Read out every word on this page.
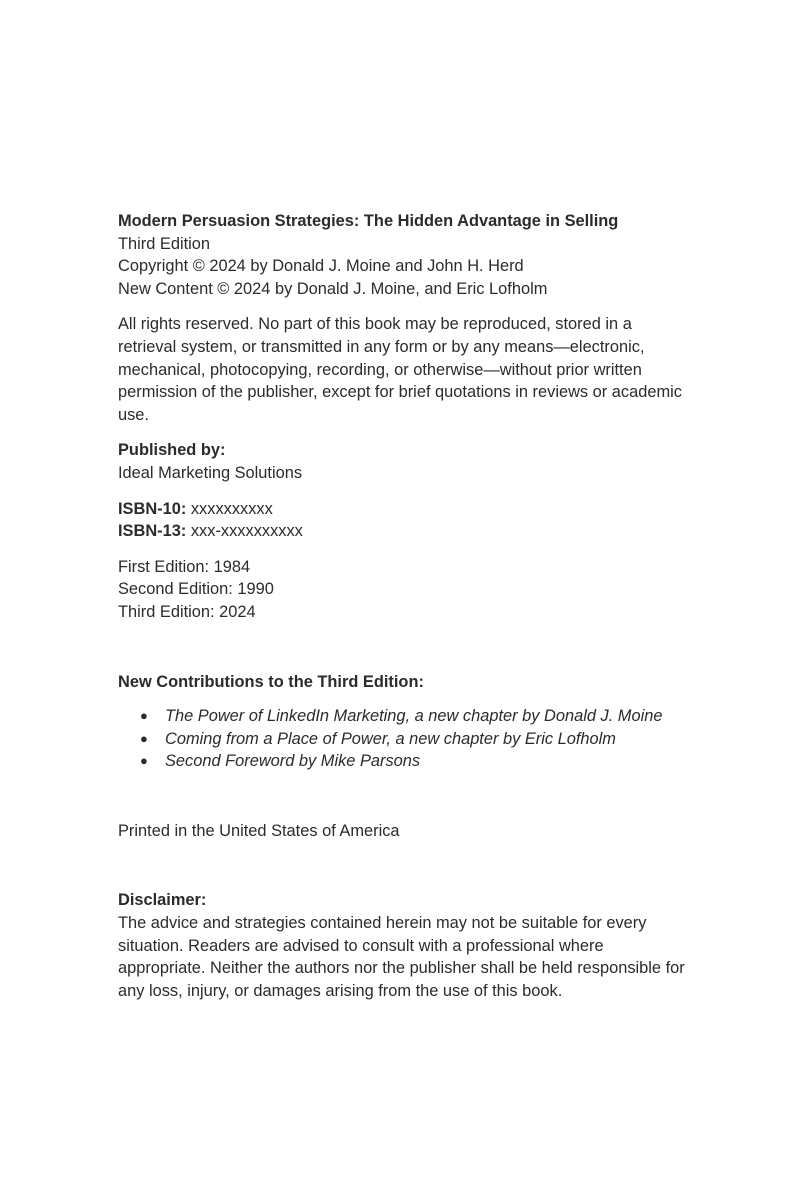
Modern Persuasion Strategies: The Hidden Advantage in Selling
Third Edition
Copyright © 2024 by Donald J. Moine and John H. Herd
New Content © 2024 by Donald J. Moine, and Eric Lofholm

All rights reserved. No part of this book may be reproduced, stored in a retrieval system, or transmitted in any form or by any means—electronic, mechanical, photocopying, recording, or otherwise—without prior written permission of the publisher, except for brief quotations in reviews or academic use.

Published by:
Ideal Marketing Solutions
ISBN-10: xxxxxxxxxx
ISBN-13: xxx-xxxxxxxxxx
First Edition: 1984
Second Edition: 1990
Third Edition: 2024
New Contributions to the Third Edition:
● The Power of LinkedIn Marketing, a new chapter by Donald J. Moine
● Coming from a Place of Power, a new chapter by Eric Lofholm
● Second Foreword by Mike Parsons
Printed in the United States of America
Disclaimer:

The advice and strategies contained herein may not be suitable for every situation. Readers are advised to consult with a professional where appropriate. Neither the authors nor the publisher shall be held responsible for any loss, injury, or damages arising from the use of this book.
